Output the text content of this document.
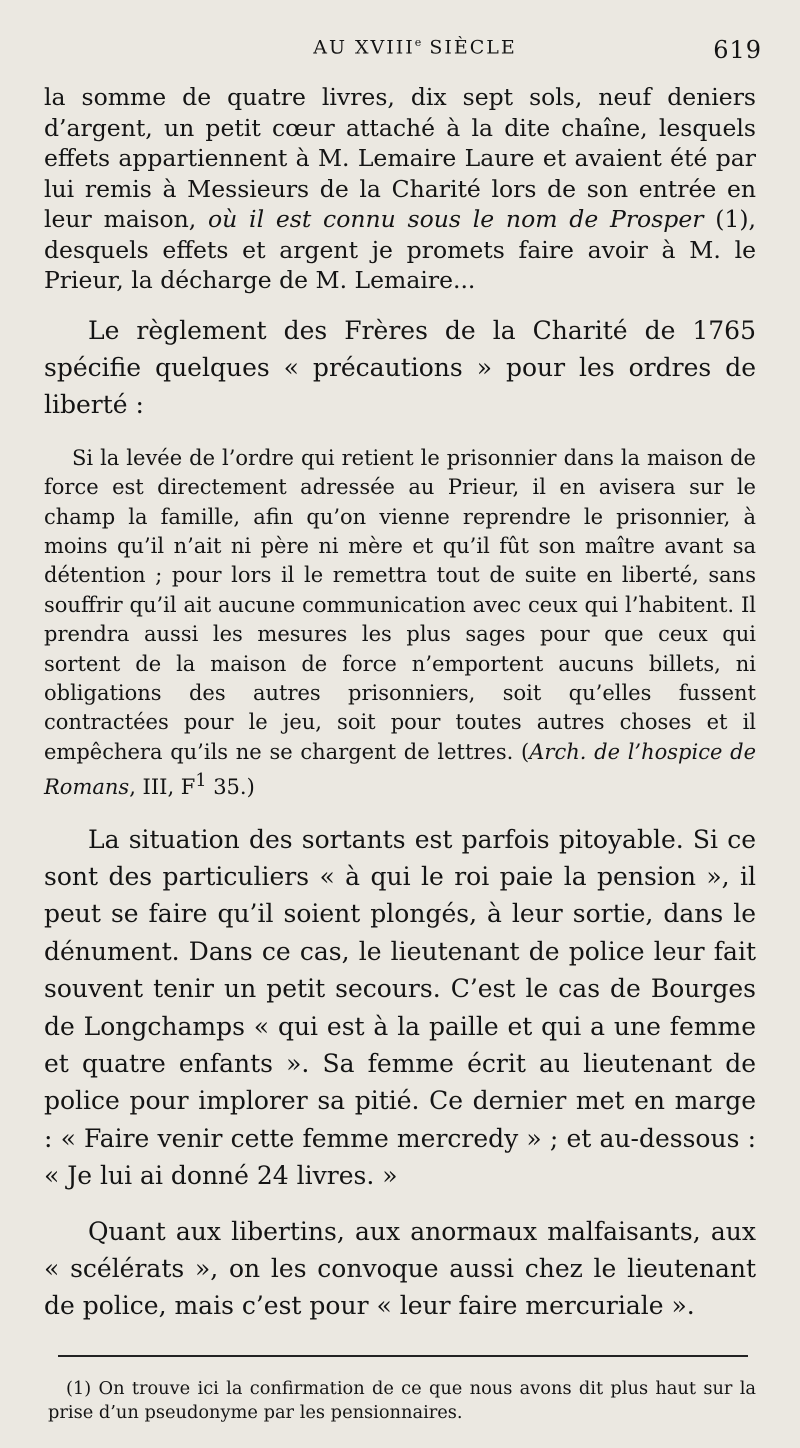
AU XVIIIe SIÈCLE	619

la somme de quatre livres, dix sept sols, neuf deniers d’argent, un petit cœur attaché à la dite chaîne, lesquels effets appartiennent à M. Lemaire Laure et avaient été par lui remis à Messieurs de la Charité lors de son entrée en leur maison, où il est connu sous le nom de Prosper (1), desquels effets et argent je promets faire avoir à M. le Prieur, la décharge de M. Lemaire...

Le règlement des Frères de la Charité de 1765 spécifie quelques « précautions » pour les ordres de liberté :

Si la levée de l’ordre qui retient le prisonnier dans la maison de force est directement adressée au Prieur, il en avisera sur le champ la famille, afin qu’on vienne reprendre le prisonnier, à moins qu’il n’ait ni père ni mère et qu’il fût son maître avant sa détention ; pour lors il le remettra tout de suite en liberté, sans souffrir qu’il ait aucune communication avec ceux qui l’habitent. Il prendra aussi les mesures les plus sages pour que ceux qui sortent de la maison de force n’emportent aucuns billets, ni obligations des autres prisonniers, soit qu’elles fussent contractées pour le jeu, soit pour toutes autres choses et il empêchera qu’ils ne se chargent de lettres. (Arch. de l’hospice de Romans, III, $F^1$ 35.)

La situation des sortants est parfois pitoyable. Si ce sont des particuliers « à qui le roi paie la pension », il peut se faire qu’il soient plongés, à leur sortie, dans le dénument. Dans ce cas, le lieutenant de police leur fait souvent tenir un petit secours. C’est le cas de Bourges de Longchamps « qui est à la paille et qui a une femme et quatre enfants ». Sa femme écrit au lieutenant de police pour implorer sa pitié. Ce dernier met en marge : « Faire venir cette femme mercredy » ; et au-dessous : « Je lui ai donné 24 livres. »

Quant aux libertins, aux anormaux malfaisants, aux « scélérats », on les convoque aussi chez le lieutenant de police, mais c’est pour « leur faire mercuriale ».

(1) On trouve ici la confirmation de ce que nous avons dit plus haut sur la prise d’un pseudonyme par les pensionnaires.
